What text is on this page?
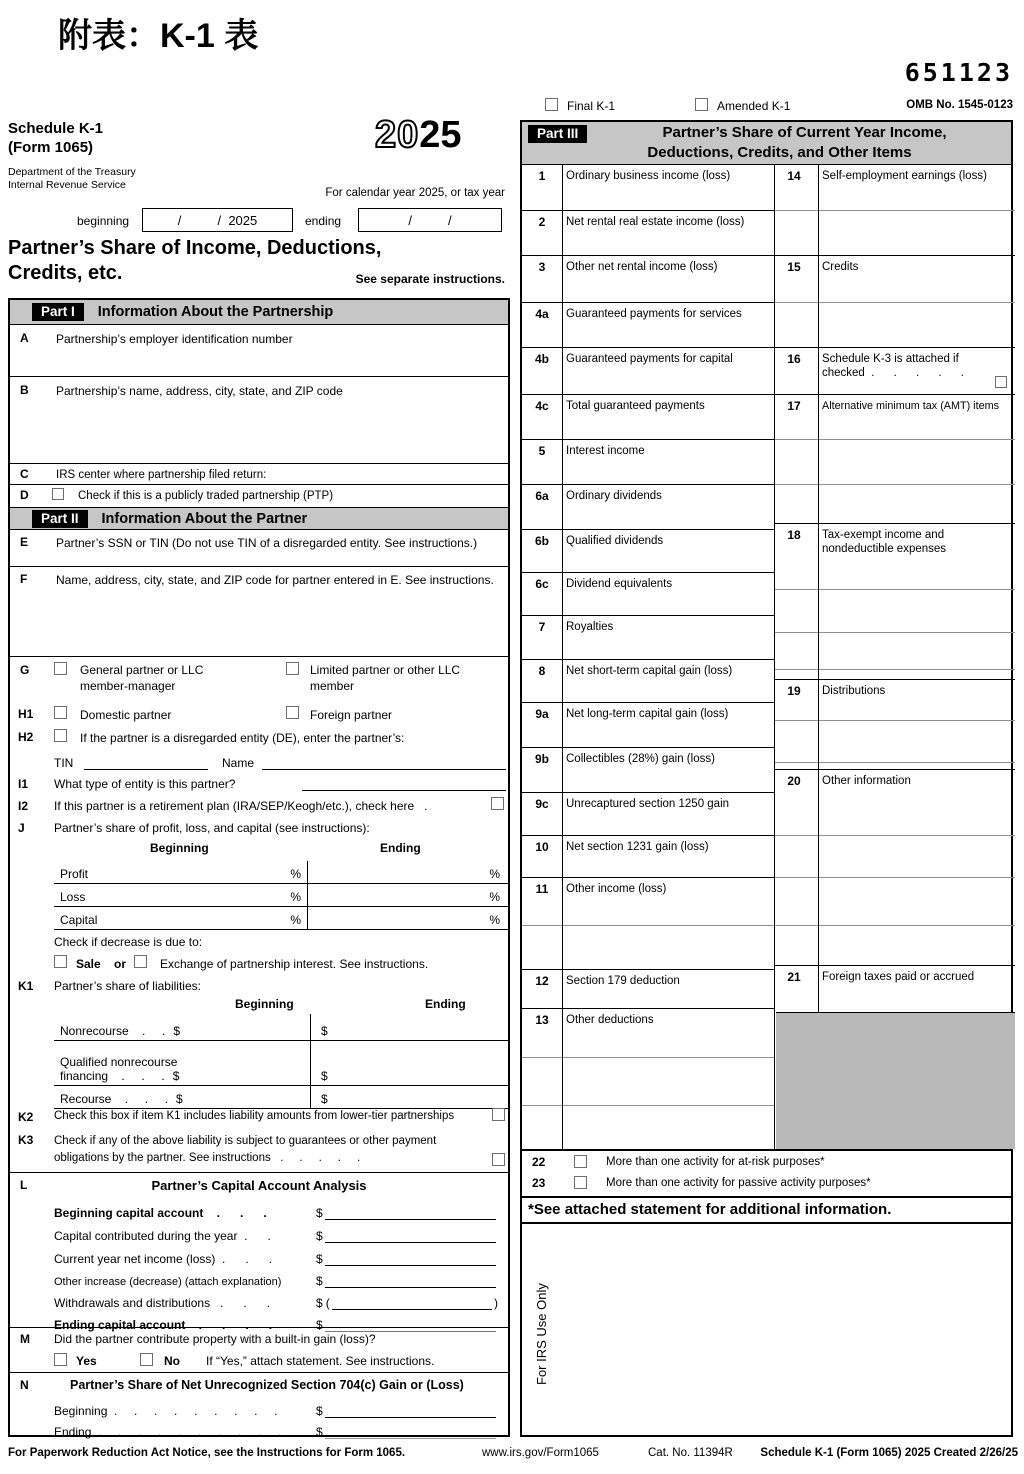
附表：K-1 表
651123
Final K-1	Amended K-1	OMB No. 1545-0123
Schedule K-1
(Form 1065)
Department of the Treasury
Internal Revenue Service
2025
For calendar year 2025, or tax year
beginning	/          /  2025	ending	/          /
Partner’s Share of Income, Deductions,
Credits, etc.	See separate instructions.
Part I	Information About the Partnership
A Partnership’s employer identification number
B Partnership’s name, address, city, state, and ZIP code
C IRS center where partnership filed return:
D	Check if this is a publicly traded partnership (PTP)
Part II	Information About the Partner
E Partner’s SSN or TIN (Do not use TIN of a disregarded entity. See instructions.)
F Name, address, city, state, and ZIP code for partner entered in E. See instructions.
G	General partner or LLC member-manager
Limited partner or other LLC member
H1	Domestic partner	Foreign partner
H2	If the partner is a disregarded entity (DE), enter the partner’s:
TIN	Name
I1 What type of entity is this partner?
I2 If this partner is a retirement plan (IRA/SEP/Keogh/etc.), check here   .
J Partner’s share of profit, loss, and capital (see instructions):
Beginning	Ending
Profit	%	%
Loss	%	%
Capital	%	%
Check if decrease is due to:
Sale or	Exchange of partnership interest. See instructions.
K1 Partner’s share of liabilities:
Beginning	Ending
Nonrecourse    .     . $	$
Qualified nonrecourse
financing    .     .     . $	$
Recourse    .     .     . $	$
K2 Check this box if item K1 includes liability amounts from lower-tier partnerships
K3 Check if any of the above liability is subject to guarantees or other payment obligations by the partner. See instructions   .     .     .     .     .
L	Partner’s Capital Account Analysis
Beginning capital account    .      .      .	$
Capital contributed during the year  .      .	$
Current year net income (loss)  .      .      .	$
Other increase (decrease) (attach explanation)	$
Withdrawals and distributions   .      .      .	$ (	)
Ending capital account    .      .      .      .	$
M Did the partner contribute property with a built-in gain (loss)?
Yes	No If “Yes,” attach statement. See instructions.
N	Partner’s Share of Net Unrecognized Section 704(c) Gain or (Loss)
Beginning  .     .     .     .     .     .     .     .     .	$
Ending  .     .     .     .     .     .     .     .     .     .	$
Part III	Partner’s Share of Current Year Income,
Deductions, Credits, and Other Items
1	Ordinary business income (loss)
2	Net rental real estate income (loss)
3	Other net rental income (loss)
4a	Guaranteed payments for services
4b	Guaranteed payments for capital
4c	Total guaranteed payments
5	Interest income
6a	Ordinary dividends
6b	Qualified dividends
6c	Dividend equivalents
7	Royalties
8	Net short-term capital gain (loss)
9a	Net long-term capital gain (loss)
9b	Collectibles (28%) gain (loss)
9c	Unrecaptured section 1250 gain
10	Net section 1231 gain (loss)
11	Other income (loss)
12	Section 179 deduction
13	Other deductions
14	Self-employment earnings (loss)
15	Credits
16	Schedule K-3 is attached if
checked  .      .      .      .      .
17	Alternative minimum tax (AMT) items
18	Tax-exempt income and nondeductible expenses
19	Distributions
20	Other information
21	Foreign taxes paid or accrued
22	More than one activity for at-risk purposes*
23	More than one activity for passive activity purposes*
*See attached statement for additional information.
For IRS Use Only
For Paperwork Reduction Act Notice, see the Instructions for Form 1065.	www.irs.gov/Form1065	Cat. No. 11394R Schedule K-1 (Form 1065) 2025 Created 2/26/25
